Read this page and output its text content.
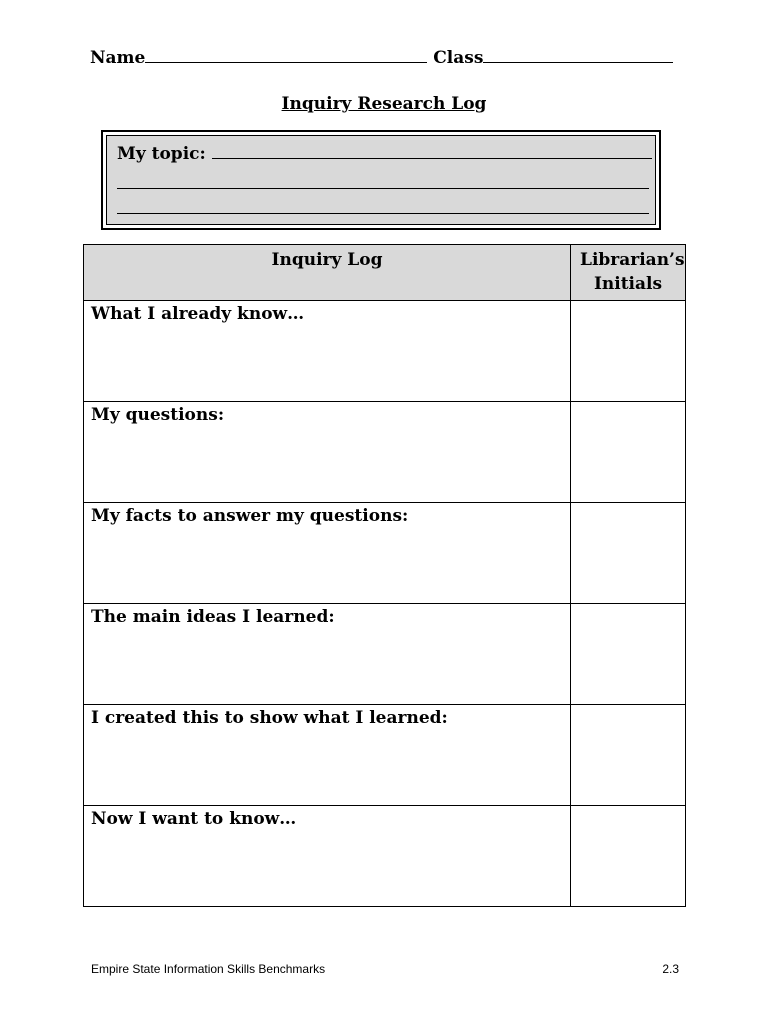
Name	Class
Inquiry Research Log
My topic:
Inquiry Log	Librarian’s Initials
What I already know…	
My questions:	
My facts to answer my questions:	
The main ideas I learned:	
I created this to show what I learned:	
Now I want to know…	
Empire State Information Skills Benchmarks	2.3
